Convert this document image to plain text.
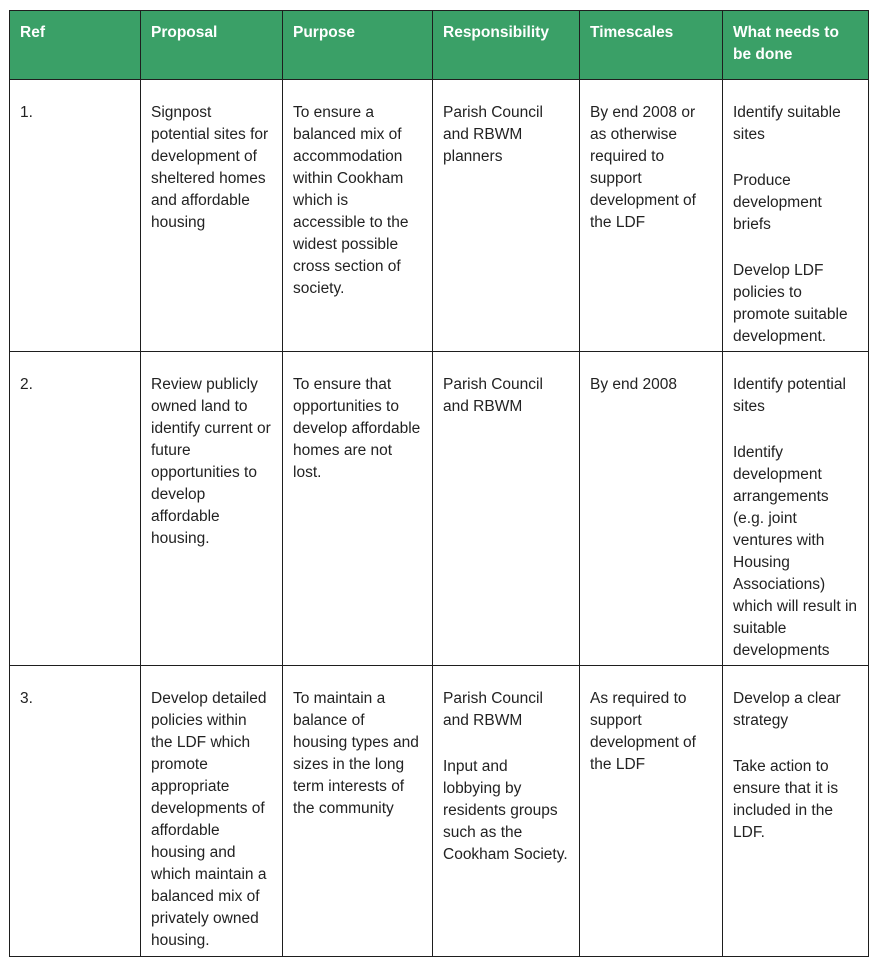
Ref	Proposal	Purpose	Responsibility	Timescales	What needs to be done
1.	Signpost potential sites for development of sheltered homes and affordable housing	To ensure a balanced mix of accommodation within Cookham which is accessible to the widest possible cross section of society.	Parish Council and RBWM planners	By end 2008 or as otherwise required to support development of the LDF	Identify suitable sites
Produce development briefs
Develop LDF policies to promote suitable development.

2.	Review publicly owned land to identify current or future opportunities to develop affordable housing.	To ensure that opportunities to develop affordable homes are not lost.	Parish Council and RBWM	By end 2008	Identify potential sites
Identify development arrangements (e.g. joint ventures with Housing Associations) which will result in suitable developments

3.	Develop detailed policies within the LDF which promote appropriate developments of affordable housing and which maintain a balanced mix of privately owned housing.	To maintain a balance of housing types and sizes in the long term interests of the community	Parish Council and RBWM
Input and lobbying by residents groups such as the Cookham Society.	As required to support development of the LDF	Develop a clear strategy
Take action to ensure that it is included in the LDF.
